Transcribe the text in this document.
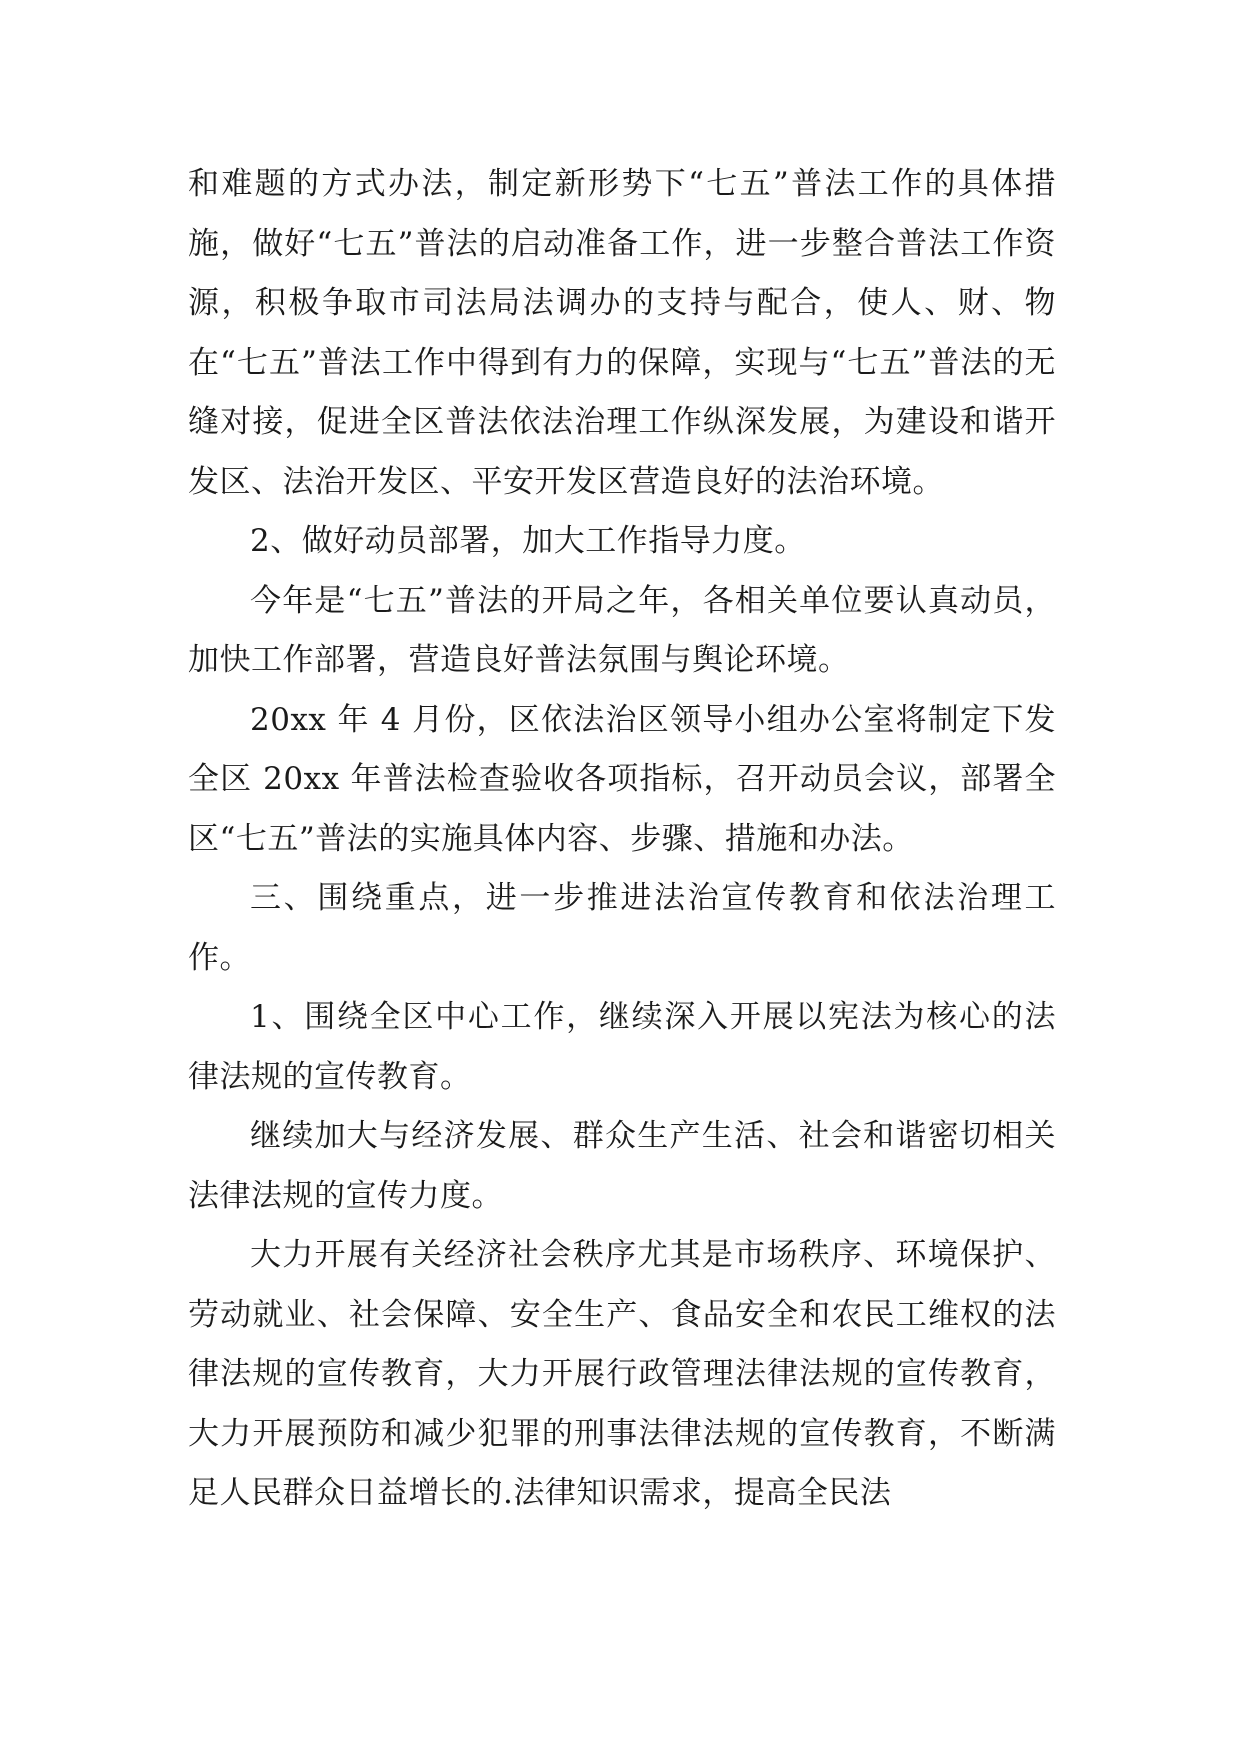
和难题的方式办法，制定新形势下“七五”普法工作的具体措施，做好“七五”普法的启动准备工作，进一步整合普法工作资源，积极争取市司法局法调办的支持与配合，使人、财、物在“七五”普法工作中得到有力的保障，实现与“七五”普法的无缝对接，促进全区普法依法治理工作纵深发展，为建设和谐开发区、法治开发区、平安开发区营造良好的法治环境。

2、做好动员部署，加大工作指导力度。

今年是“七五”普法的开局之年，各相关单位要认真动员，加快工作部署，营造良好普法氛围与舆论环境。

20xx 年 4 月份，区依法治区领导小组办公室将制定下发全区 20xx 年普法检查验收各项指标，召开动员会议，部署全区“七五”普法的实施具体内容、步骤、措施和办法。

三、围绕重点，进一步推进法治宣传教育和依法治理工作。

1、围绕全区中心工作，继续深入开展以宪法为核心的法律法规的宣传教育。

继续加大与经济发展、群众生产生活、社会和谐密切相关法律法规的宣传力度。

大力开展有关经济社会秩序尤其是市场秩序、环境保护、劳动就业、社会保障、安全生产、食品安全和农民工维权的法律法规的宣传教育，大力开展行政管理法律法规的宣传教育，大力开展预防和减少犯罪的刑事法律法规的宣传教育，不断满足人民群众日益增长的.法律知识需求，提高全民法
